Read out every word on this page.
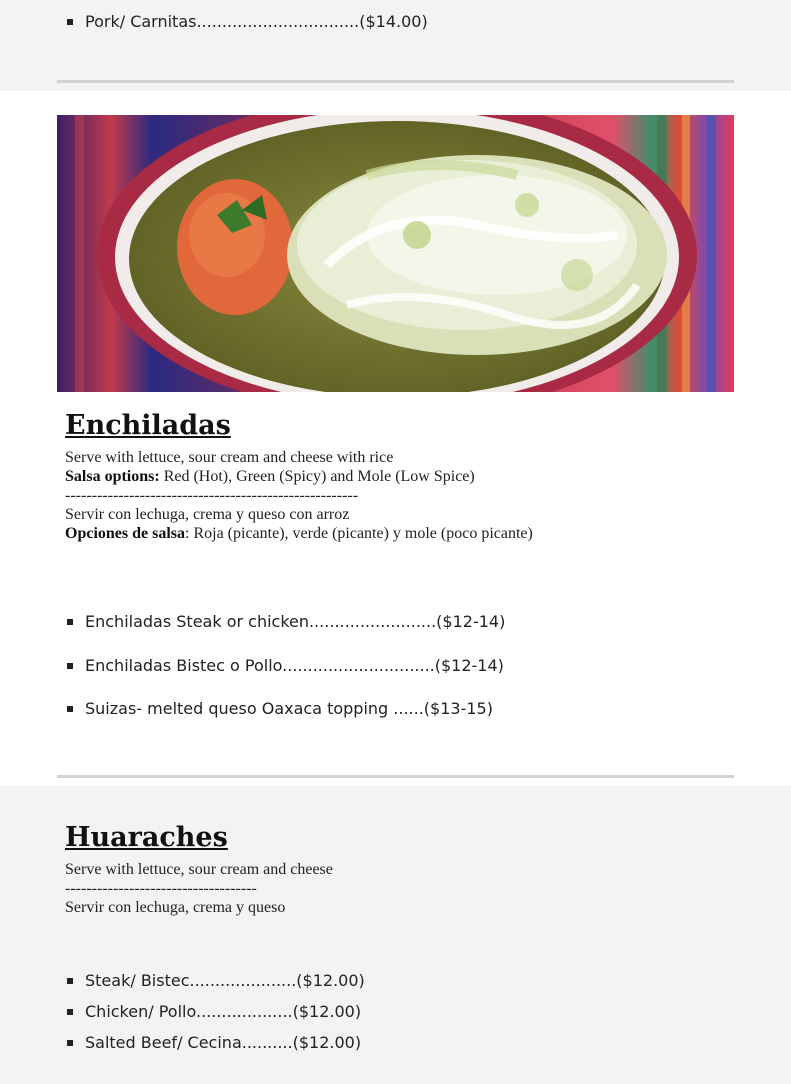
Pork/ Carnitas................................($14.00)
Enchiladas
Serve with lettuce, sour cream and cheese with rice
Salsa options: Red (Hot), Green (Spicy) and Mole (Low Spice)
-------------------------------------------------------
Servir con lechuga, crema y queso con arroz
Opciones de salsa: Roja (picante), verde (picante) y mole (poco picante)
Enchiladas Steak or chicken.........................($12-14)
Enchiladas Bistec o Pollo..............................($12-14)
Suizas- melted queso Oaxaca topping ......($13-15)
Huaraches
Serve with lettuce, sour cream and cheese
------------------------------------
Servir con lechuga, crema y queso
Steak/ Bistec.....................($12.00)
Chicken/ Pollo...................($12.00)
Salted Beef/ Cecina..........($12.00)
